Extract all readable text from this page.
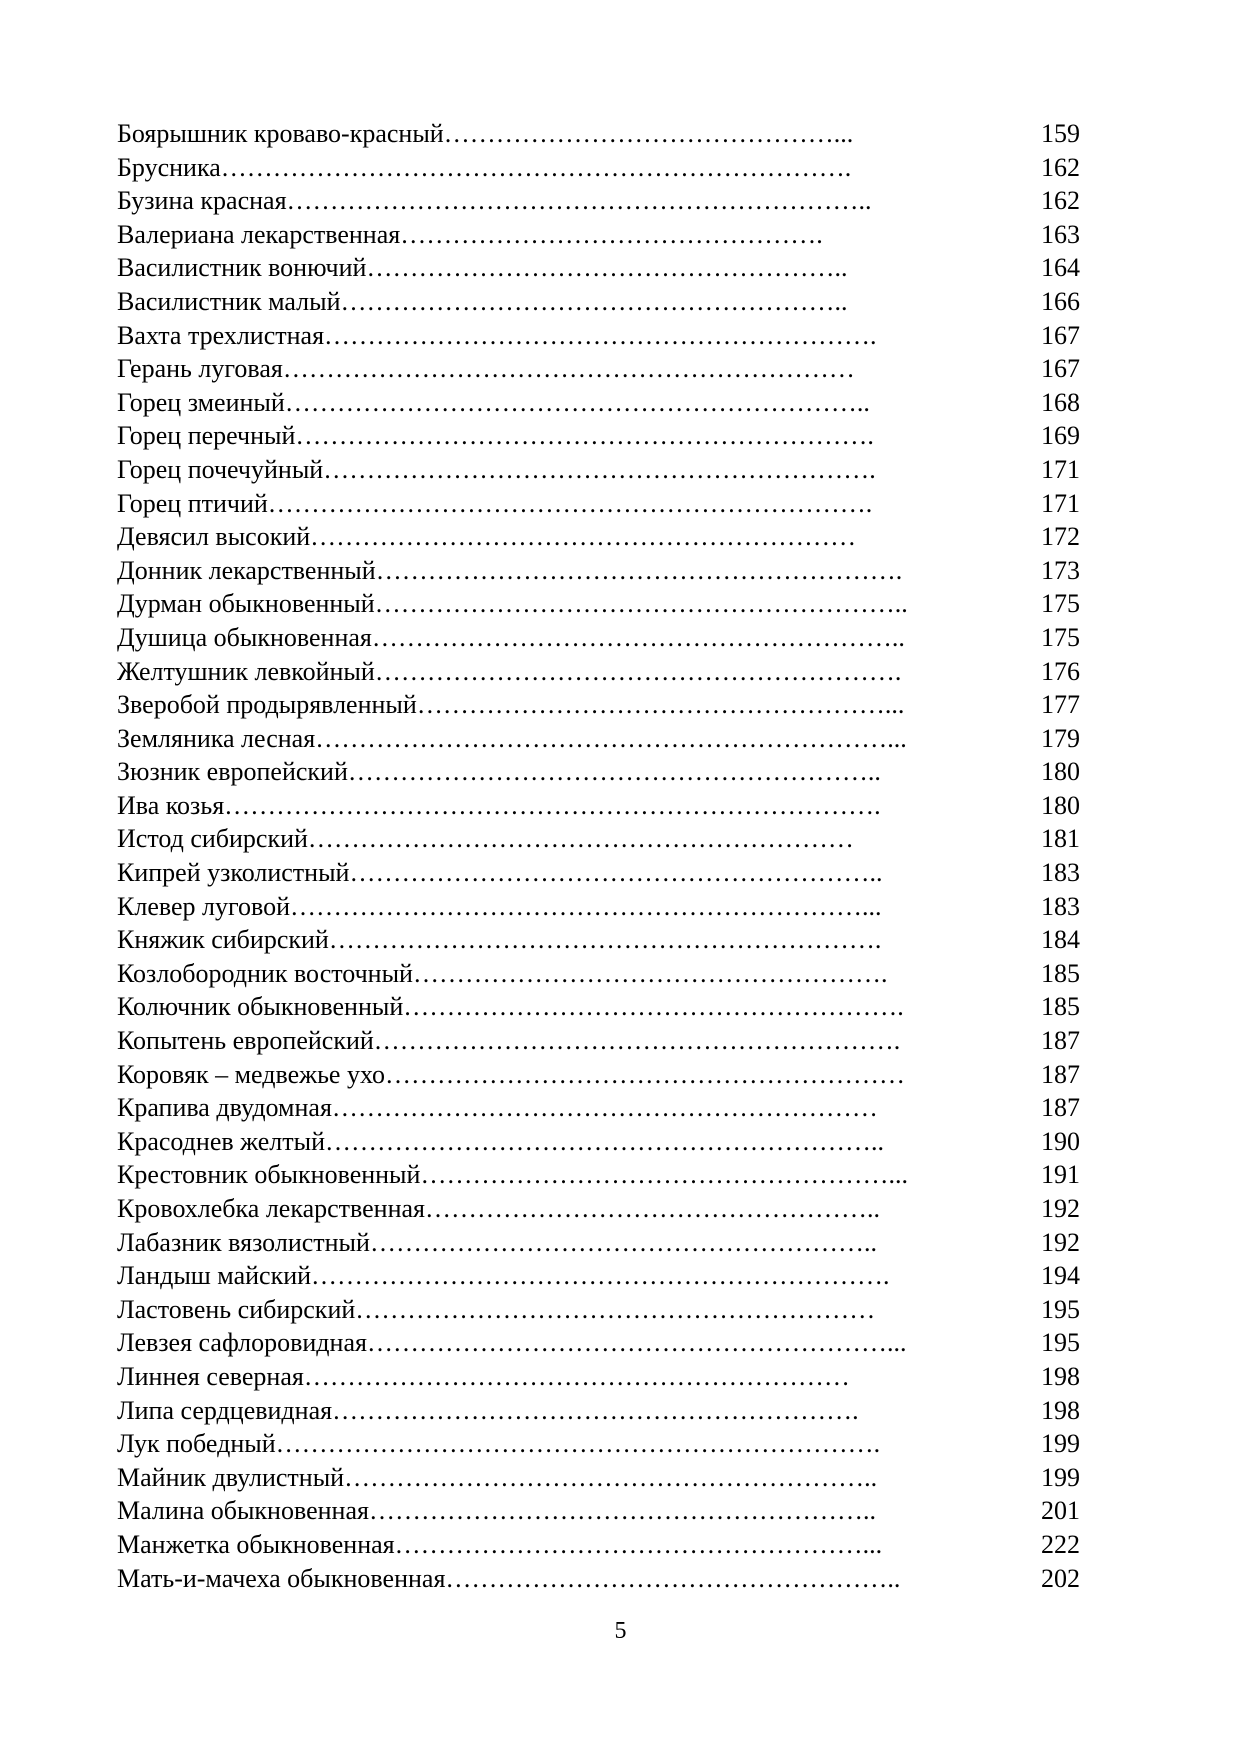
Боярышник кроваво-красный………………………………………...	159
Брусника……………………………………………………………….	162
Бузина красная…………………………………………………………..	162
Валериана лекарственная………………………………………….	163
Василистник вонючий………………………………………………..	164
Василистник малый…………………………………………………..	166
Вахта трехлистная……………………………………………………….	167
Герань луговая…………………………………………………………	167
Горец змеиный…………………………………………………………..	168
Горец перечный………………………………………………………….	169
Горец почечуйный……………………………………………………….	171
Горец птичий…………………………………………………………….	171
Девясил высокий………………………………………………………	172
Донник лекарственный…………………………………………………….	173
Дурман обыкновенный……………………………………………………..	175
Душица обыкновенная……………………………………………………..	175
Желтушник левкойный…………………………………………………….	176
Зверобой продырявленный………………………………………………...	177
Земляника лесная…………………………………………………………...	179
Зюзник европейский……………………………………………………..	180
Ива козья………………………………………………………………….	180
Истод сибирский………………………………………………………	181
Кипрей узколистный……………………………………………………..	183
Клевер луговой…………………………………………………………...	183
Княжик сибирский……………………………………………………….	184
Козлобородник восточный……………………………………………….	185
Колючник обыкновенный………………………………………………….	185
Копытень европейский…………………………………………………….	187
Коровяк – медвежье ухо……………………………………………………	187
Крапива двудомная………………………………………………………	187
Красоднев желтый………………………………………………………..	190
Крестовник обыкновенный………………………………………………...	191
Кровохлебка лекарственная……………………………………………..	192
Лабазник вязолистный…………………………………………………..	192
Ландыш майский………………………………………………………….	194
Ластовень сибирский……………………………………………………	195
Левзея сафлоровидная……………………………………………………...	195
Линнея северная………………………………………………………	198
Липа сердцевидная…………………………………………………….	198
Лук победный…………………………………………………………….	199
Майник двулистный……………………………………………………..	199
Малина обыкновенная…………………………………………………..	201
Манжетка обыкновенная………………………………………………...	222
Мать-и-мачеха обыкновенная……………………………………………..	202
5
